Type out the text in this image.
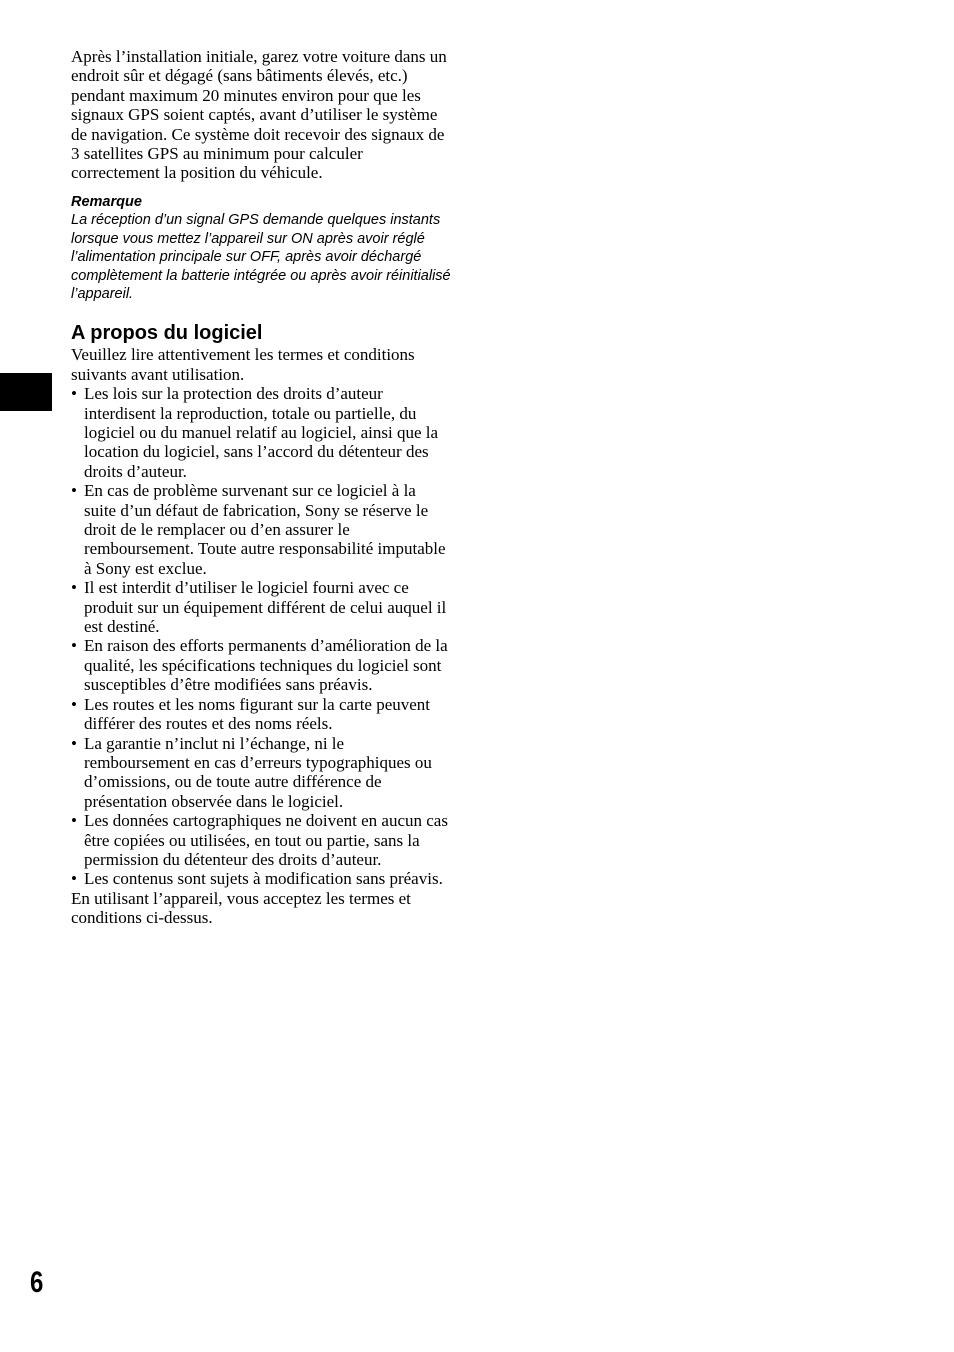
Après l’installation initiale, garez votre voiture dans un endroit sûr et dégagé (sans bâtiments élevés, etc.) pendant maximum 20 minutes environ pour que les signaux GPS soient captés, avant d’utiliser le système de navigation. Ce système doit recevoir des signaux de 3 satellites GPS au minimum pour calculer correctement la position du véhicule.

Remarque

La réception d’un signal GPS demande quelques instants lorsque vous mettez l’appareil sur ON après avoir réglé l’alimentation principale sur OFF, après avoir déchargé complètement la batterie intégrée ou après avoir réinitialisé l’appareil.

A propos du logiciel

Veuillez lire attentivement les termes et conditions suivants avant utilisation.

• Les lois sur la protection des droits d’auteur interdisent la reproduction, totale ou partielle, du logiciel ou du manuel relatif au logiciel, ainsi que la location du logiciel, sans l’accord du détenteur des droits d’auteur.
• En cas de problème survenant sur ce logiciel à la suite d’un défaut de fabrication, Sony se réserve le droit de le remplacer ou d’en assurer le remboursement. Toute autre responsabilité imputable à Sony est exclue.
• Il est interdit d’utiliser le logiciel fourni avec ce produit sur un équipement différent de celui auquel il est destiné.
• En raison des efforts permanents d’amélioration de la qualité, les spécifications techniques du logiciel sont susceptibles d’être modifiées sans préavis.
• Les routes et les noms figurant sur la carte peuvent différer des routes et des noms réels.
• La garantie n’inclut ni l’échange, ni le remboursement en cas d’erreurs typographiques ou d’omissions, ou de toute autre différence de présentation observée dans le logiciel.
• Les données cartographiques ne doivent en aucun cas être copiées ou utilisées, en tout ou partie, sans la permission du détenteur des droits d’auteur.
• Les contenus sont sujets à modification sans préavis.

En utilisant l’appareil, vous acceptez les termes et conditions ci-dessus.

6
